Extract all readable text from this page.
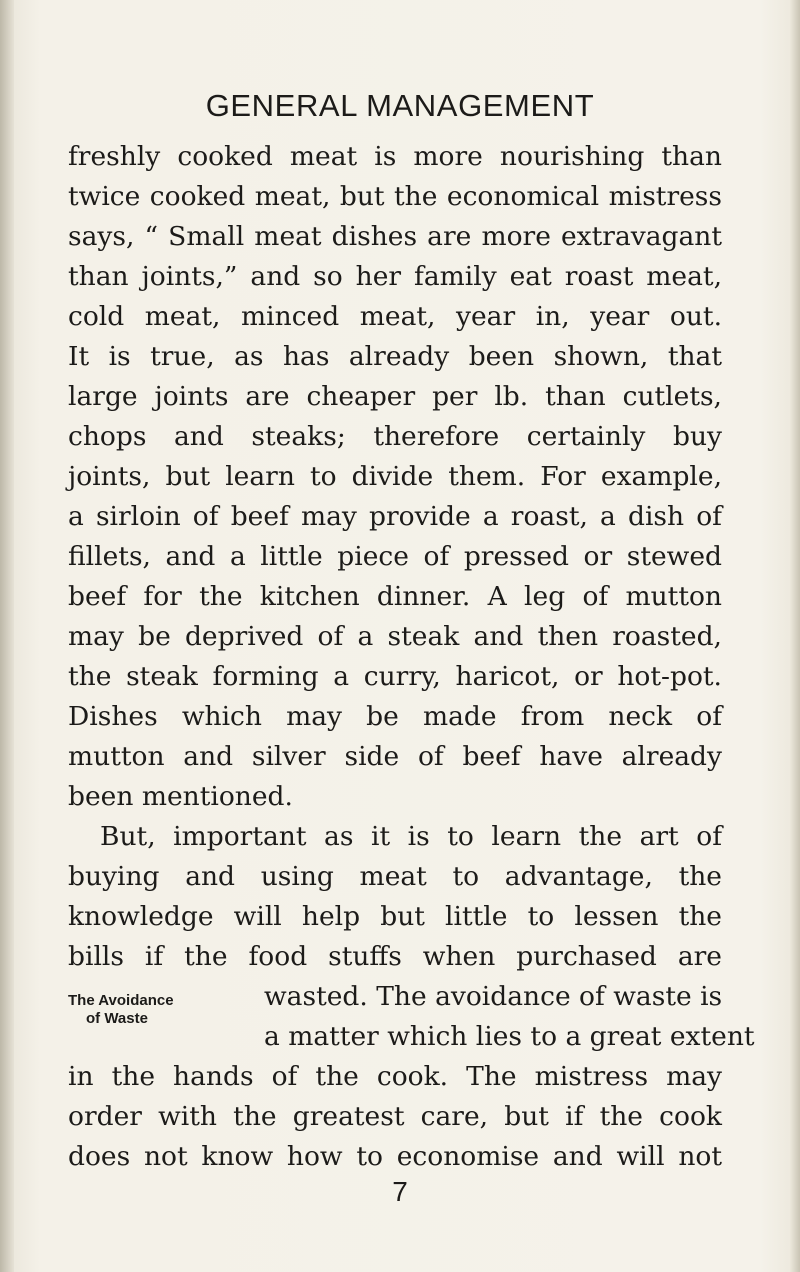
GENERAL MANAGEMENT
freshly cooked meat is more nourishing than
twice cooked meat, but the economical mistress
says, “ Small meat dishes are more extravagant
than joints,” and so her family eat roast meat,
cold meat, minced meat, year in, year out.
It is true, as has already been shown, that
large joints are cheaper per lb. than cutlets,
chops and steaks; therefore certainly buy
joints, but learn to divide them. For example,
a sirloin of beef may provide a roast, a dish of
fillets, and a little piece of pressed or stewed
beef for the kitchen dinner. A leg of mutton
may be deprived of a steak and then roasted,
the steak forming a curry, haricot, or hot-pot.
Dishes which may be made from neck of
mutton and silver side of beef have already
been mentioned.
But, important as it is to learn the art of
buying and using meat to advantage, the
knowledge will help but little to lessen the
bills if the food stuffs when purchased are
wasted. The avoidance of waste is
a matter which lies to a great extent
in the hands of the cook. The mistress may
order with the greatest care, but if the cook
does not know how to economise and will not
The Avoidance
of Waste
7
